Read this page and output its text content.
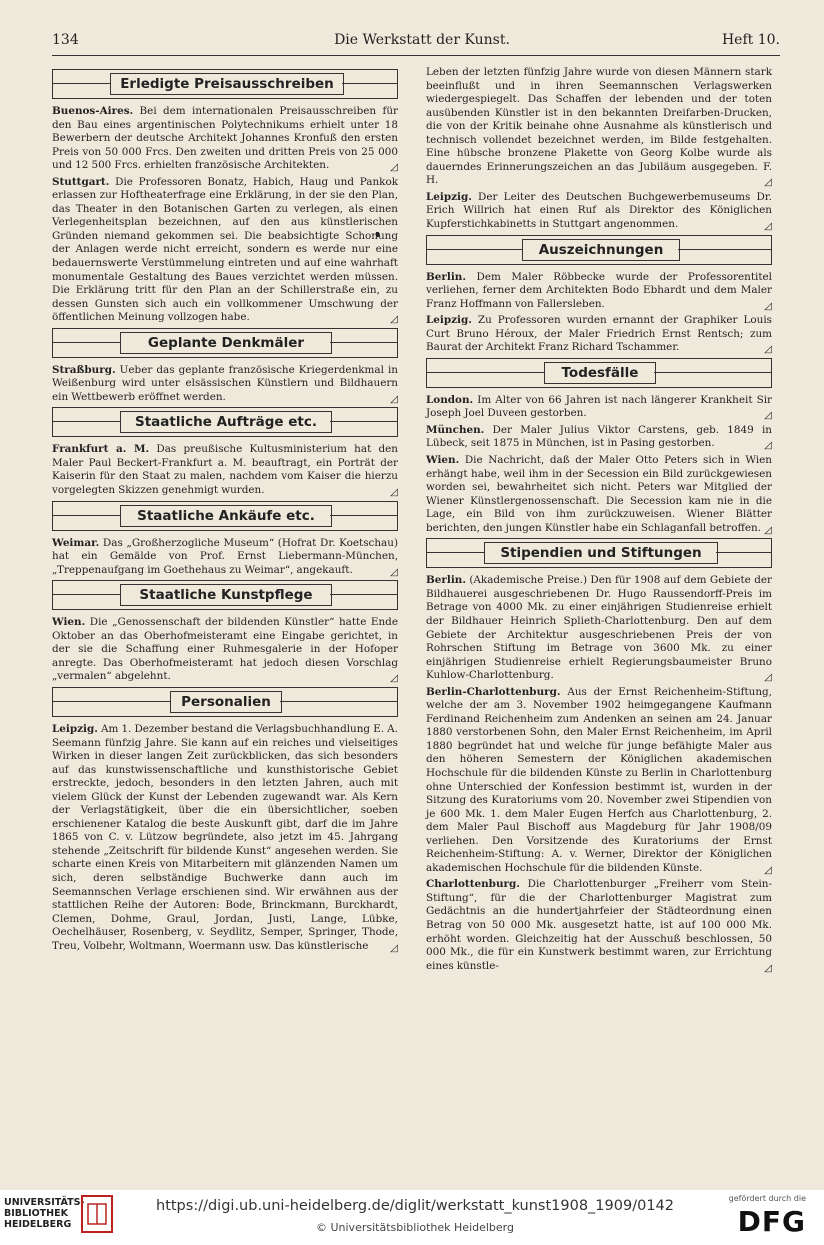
134	Die Werkstatt der Kunst.	Heft 10.
Erledigte Preisausschreiben

Buenos-Aires. Bei dem internationalen Preisausschreiben für den Bau eines argentinischen Polytechnikums erhielt unter 18 Bewerbern der deutsche Architekt Johannes Kronfuß den ersten Preis von 50 000 Frcs. Den zweiten und dritten Preis von 25 000 und 12 500 Frcs. erhielten französische Architekten.	◿

Stuttgart. Die Professoren Bonatz, Habich, Haug und Pankok erlassen zur Hoftheaterfrage eine Erklärung, in der sie den Plan, das Theater in den Botanischen Garten zu verlegen, als einen Verlegenheitsplan bezeichnen, auf den aus künstlerischen Gründen niemand gekommen sei. Die beabsichtigte Schonung der Anlagen werde nicht erreicht, sondern es werde nur eine bedauernswerte Verstümmelung eintreten und auf eine wahrhaft monumentale Gestaltung des Baues verzichtet werden müssen. Die Erklärung tritt für den Plan an der Schillerstraße ein, zu dessen Gunsten sich auch ein vollkommener Umschwung der öffentlichen Meinung vollzogen habe.	◿

Geplante Denkmäler

Straßburg. Ueber das geplante französische Kriegerdenkmal in Weißenburg wird unter elsässischen Künstlern und Bildhauern ein Wettbewerb eröffnet werden.	◿

Staatliche Aufträge etc.

Frankfurt a. M. Das preußische Kultusministerium hat den Maler Paul Beckert-Frankfurt a. M. beauftragt, ein Porträt der Kaiserin für den Staat zu malen, nachdem vom Kaiser die hierzu vorgelegten Skizzen genehmigt wurden.	◿

Staatliche Ankäufe etc.

Weimar. Das „Großherzogliche Museum“ (Hofrat Dr. Koetschau) hat ein Gemälde von Prof. Ernst Liebermann-München, „Treppenaufgang im Goethehaus zu Weimar“, angekauft.	◿

Staatliche Kunstpflege

Wien. Die „Genossenschaft der bildenden Künstler“ hatte Ende Oktober an das Oberhofmeisteramt eine Eingabe gerichtet, in der sie die Schaffung einer Ruhmesgalerie in der Hofoper anregte. Das Oberhofmeisteramt hat jedoch diesen Vorschlag „vermalen“ abgelehnt.	◿

Personalien

Leipzig. Am 1. Dezember bestand die Verlagsbuchhandlung E. A. Seemann fünfzig Jahre. Sie kann auf ein reiches und vielseitiges Wirken in dieser langen Zeit zurückblicken, das sich besonders auf das kunstwissenschaftliche und kunsthistorische Gebiet erstreckte, jedoch, besonders in den letzten Jahren, auch mit vielem Glück der Kunst der Lebenden zugewandt war. Als Kern der Verlagstätigkeit, über die ein übersichtlicher, soeben erschienener Katalog die beste Auskunft gibt, darf die im Jahre 1865 von C. v. Lützow begründete, also jetzt im 45. Jahrgang stehende „Zeitschrift für bildende Kunst“ angesehen werden. Sie scharte einen Kreis von Mitarbeitern mit glänzenden Namen um sich, deren selbständige Buchwerke dann auch im Seemannschen Verlage erschienen sind. Wir erwähnen aus der stattlichen Reihe der Autoren: Bode, Brinckmann, Burckhardt, Clemen, Dohme, Graul, Jordan, Justi, Lange, Lübke, Oechelhäuser, Rosenberg, v. Seydlitz, Semper, Springer, Thode, Treu, Volbehr, Woltmann, Woermann usw. Das künstlerische ◿

Leben der letzten fünfzig Jahre wurde von diesen Männern stark beeinflußt und in ihren Seemannschen Verlagswerken wiedergespiegelt. Das Schaffen der lebenden und der toten ausübenden Künstler ist in den bekannten Dreifarben-Drucken, die von der Kritik beinahe ohne Ausnahme als künstlerisch und technisch vollendet bezeichnet werden, im Bilde festgehalten. Eine hübsche bronzene Plakette von Georg Kolbe wurde als dauerndes Erinnerungszeichen an das Jubiläum ausgegeben. F. H.	◿

Leipzig. Der Leiter des Deutschen Buchgewerbemuseums Dr. Erich Willrich hat einen Ruf als Direktor des Königlichen Kupferstichkabinetts in Stuttgart angenommen.	◿

Auszeichnungen

Berlin. Dem Maler Röbbecke wurde der Professorentitel verliehen, ferner dem Architekten Bodo Ebhardt und dem Maler Franz Hoffmann von Fallersleben.	◿

Leipzig. Zu Professoren wurden ernannt der Graphiker Louis Curt Bruno Héroux, der Maler Friedrich Ernst Rentsch; zum Baurat der Architekt Franz Richard Tschammer.	◿

Todesfälle

London. Im Alter von 66 Jahren ist nach längerer Krankheit Sir Joseph Joel Duveen gestorben.	◿

München. Der Maler Julius Viktor Carstens, geb. 1849 in Lübeck, seit 1875 in München, ist in Pasing gestorben.	◿

Wien. Die Nachricht, daß der Maler Otto Peters sich in Wien erhängt habe, weil ihm in der Secession ein Bild zurückgewiesen worden sei, bewahrheitet sich nicht. Peters war Mitglied der Wiener Künstlergenossenschaft. Die Secession kam nie in die Lage, ein Bild von ihm zurückzuweisen. Wiener Blätter berichten, den jungen Künstler habe ein Schlaganfall betroffen. ◿

Stipendien und Stiftungen

Berlin. (Akademische Preise.) Den für 1908 auf dem Gebiete der Bildhauerei ausgeschriebenen Dr. Hugo Raussendorff-Preis im Betrage von 4000 Mk. zu einer einjährigen Studienreise erhielt der Bildhauer Heinrich Splieth-Charlottenburg. Den auf dem Gebiete der Architektur ausgeschriebenen Preis der von Rohrschen Stiftung im Betrage von 3600 Mk. zu einer einjährigen Studienreise erhielt Regierungsbaumeister Bruno Kuhlow-Charlottenburg.	◿

Berlin-Charlottenburg. Aus der Ernst Reichenheim-Stiftung, welche der am 3. November 1902 heimgegangene Kaufmann Ferdinand Reichenheim zum Andenken an seinen am 24. Januar 1880 verstorbenen Sohn, den Maler Ernst Reichenheim, im April 1880 begründet hat und welche für junge befähigte Maler aus den höheren Semestern der Königlichen akademischen Hochschule für die bildenden Künste zu Berlin in Charlottenburg ohne Unterschied der Konfession bestimmt ist, wurden in der Sitzung des Kuratoriums vom 20. November zwei Stipendien von je 600 Mk. 1. dem Maler Eugen Herfch aus Charlottenburg, 2. dem Maler Paul Bischoff aus Magdeburg für Jahr 1908/09 verliehen. Den Vorsitzende des Kuratoriums der Ernst Reichenheim-Stiftung: A. v. Werner, Direktor der Königlichen akademischen Hochschule für die bildenden Künste.	◿

Charlottenburg. Die Charlottenburger „Freiherr vom Stein-Stiftung“, für die der Charlottenburger Magistrat zum Gedächtnis an die hundertjahrfeier der Städteordnung einen Betrag von 50 000 Mk. ausgesetzt hatte, ist auf 100 000 Mk. erhöht worden. Gleichzeitig hat der Ausschuß beschlossen, 50 000 Mk., die für ein Kunstwerk bestimmt waren, zur Errichtung eines künstle-	◿

UNIVERSITÄTS-
BIBLIOTHEK
HEIDELBERG
https://digi.ub.uni-heidelberg.de/diglit/werkstatt_kunst1908_1909/0142
© Universitätsbibliothek Heidelberg
gefördert durch die
DFG
